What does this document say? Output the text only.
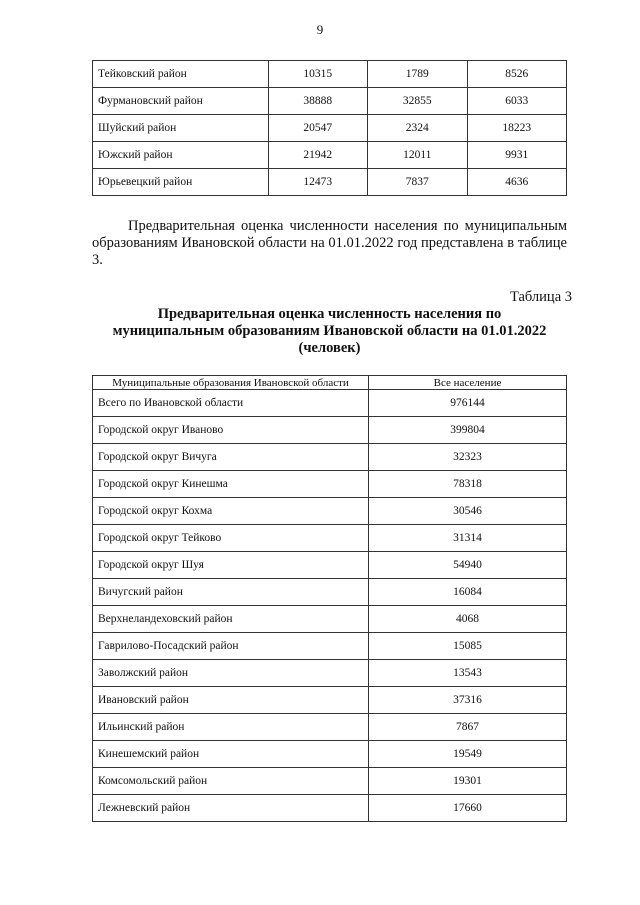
9
Тейковский район	10315	1789	8526
Фурмановский район	38888	32855	6033
Шуйский район	20547	2324	18223
Южский район	21942	12011	9931
Юрьевецкий район	12473	7837	4636
Предварительная оценка численности населения по муниципальным образованиям Ивановской области на 01.01.2022 год представлена в таблице 3.
Таблица 3
Предварительная оценка численность населения по
муниципальным образованиям Ивановской области на 01.01.2022
(человек)
Муниципальные образования Ивановской области	Все население
Всего по Ивановской области	976144
Городской округ Иваново	399804
Городской округ Вичуга	32323
Городской округ Кинешма	78318
Городской округ Кохма	30546
Городской округ Тейково	31314
Городской округ Шуя	54940
Вичугский район	16084
Верхнеландеховский район	4068
Гаврилово-Посадский район	15085
Заволжский район	13543
Ивановский район	37316
Ильинский район	7867
Кинешемский район	19549
Комсомольский район	19301
Лежневский район	17660
